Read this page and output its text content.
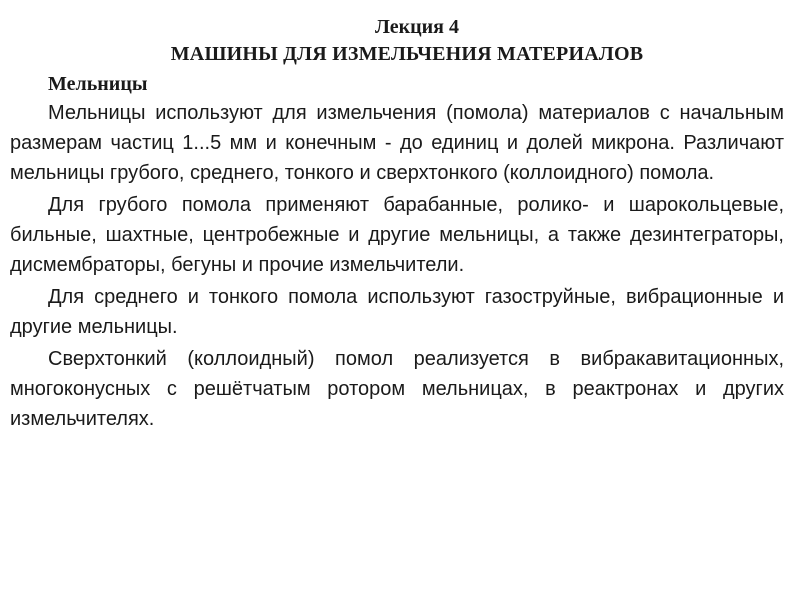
Лекция 4

МАШИНЫ ДЛЯ ИЗМЕЛЬЧЕНИЯ МАТЕРИАЛОВ

Мельницы

Мельницы используют для измельчения (помола) материалов с начальным размерам частиц 1...5 мм и конечным - до единиц и долей микрона. Различают мельницы грубого, среднего, тонкого и сверхтонкого (коллоидного) помола.

Для грубого помола применяют барабанные, ролико- и шарокольцевые, бильные, шахтные, центробежные и другие мельницы, а также дезинтеграторы, дисмембраторы, бегуны и прочие измельчители.

Для среднего и тонкого помола используют газоструйные, вибрационные и другие мельницы.

Сверхтонкий (коллоидный) помол реализуется в вибракавитационных, многоконусных с решётчатым ротором мельницах, в реактронах и других измельчителях.
